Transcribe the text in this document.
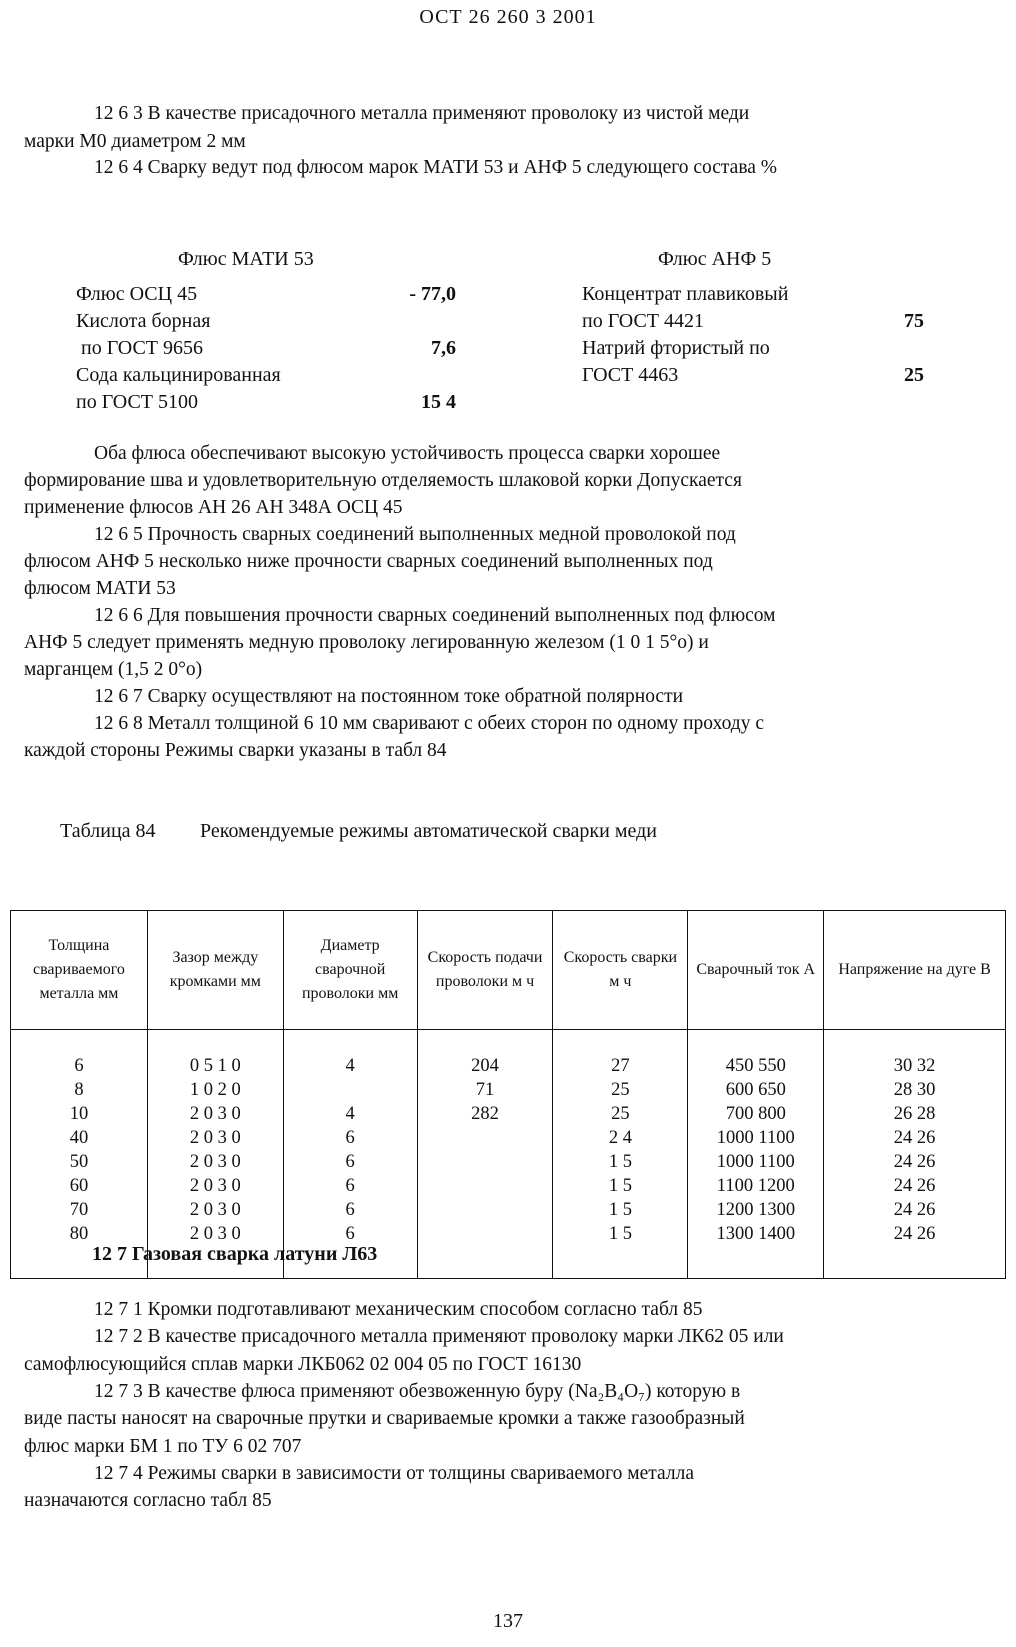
ОСТ 26 260 3 2001
12 6 3 В качестве присадочного металла применяют проволоку из чистой меди
марки М0 диаметром 2 мм
12 6 4 Сварку ведут под флюсом марок МАТИ 53 и АНФ 5 следующего состава %
Флюс МАТИ 53	Флюс АНФ 5
Флюс ОСЦ 45	- 77,0
Кислота борная
по ГОСТ 9656	7,6
Сода кальцинированная
по ГОСТ 5100	15 4
Концентрат плавиковый
по ГОСТ 4421	75
Натрий фтористый по
ГОСТ 4463	25
Оба флюса обеспечивают высокую устойчивость процесса сварки хорошее
формирование шва и удовлетворительную отделяемость шлаковой корки Допускается
применение флюсов АН 26 АН 348А ОСЦ 45
12 6 5 Прочность сварных соединений выполненных медной проволокой под
флюсом АНФ 5 несколько ниже прочности сварных соединений выполненных под
флюсом МАТИ 53
12 6 6 Для повышения прочности сварных соединений выполненных под флюсом
АНФ 5 следует применять медную проволоку легированную железом (1 0 1 5°о) и
марганцем (1,5 2 0°о)
12 6 7 Сварку осуществляют на постоянном токе обратной полярности
12 6 8 Металл толщиной 6 10 мм сваривают с обеих сторон по одному проходу с
каждой стороны Режимы сварки указаны в табл 84
Таблица 84 Рекомендуемые режимы автоматической сварки меди
Толщина свариваемого металла мм	Зазор между кромками мм	Диаметр сварочной проволоки мм	Скорость подачи проволоки м ч	Скорость сварки м ч	Сварочный ток А	Напряжение на дуге В
6	0 5 1 0	4	204	27	450 550	30 32
8	1 0 2 0		71	25	600 650	28 30
10	2 0 3 0	4	282	25	700 800	26 28
40	2 0 3 0	6		2 4	1000 1100	24 26
50	2 0 3 0	6		1 5	1000 1100	24 26
60	2 0 3 0	6		1 5	1100 1200	24 26
70	2 0 3 0	6		1 5	1200 1300	24 26
80	2 0 3 0	6		1 5	1300 1400	24 26
12 7 Газовая сварка латуни Л63
12 7 1 Кромки подготавливают механическим способом согласно табл 85
12 7 2 В качестве присадочного металла применяют проволоку марки ЛК62 05 или
самофлюсующийся сплав марки ЛКБ062 02 004 05 по ГОСТ 16130
12 7 3 В качестве флюса применяют обезвоженную буру (Na₂B₄O₇) которую в
виде пасты наносят на сварочные прутки и свариваемые кромки а также газообразный
флюс марки БМ 1 по ТУ 6 02 707
12 7 4 Режимы сварки в зависимости от толщины свариваемого металла
назначаются согласно табл 85
137
